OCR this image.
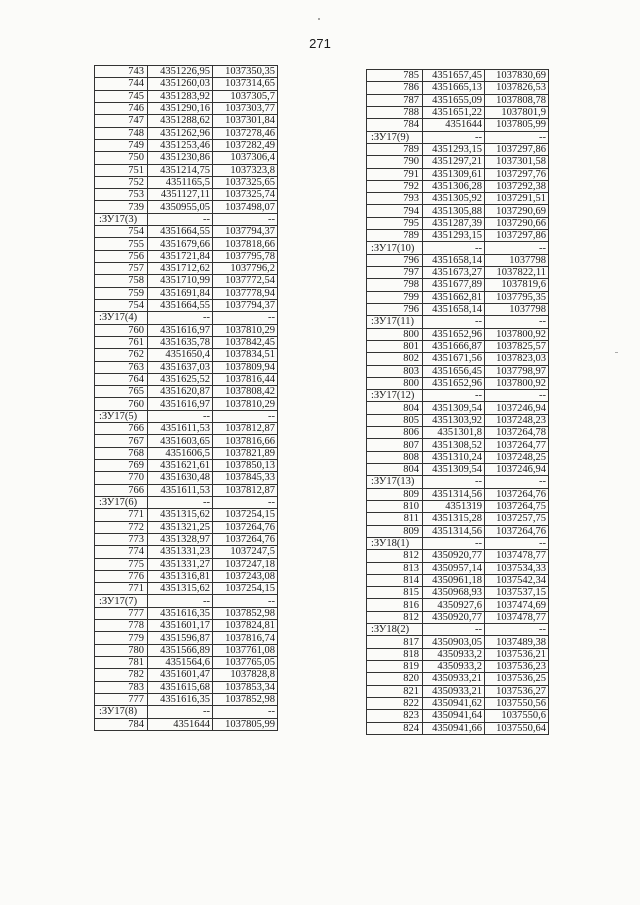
271
743	4351226,95	1037350,35
744	4351260,03	1037314,65
745	4351283,92	1037305,7
746	4351290,16	1037303,77
747	4351288,62	1037301,84
748	4351262,96	1037278,46
749	4351253,46	1037282,49
750	4351230,86	1037306,4
751	4351214,75	1037323,8
752	4351165,5	1037325,65
753	4351127,11	1037325,74
739	4350955,05	1037498,07
:ЗУ17(3)	--	--
754	4351664,55	1037794,37
755	4351679,66	1037818,66
756	4351721,84	1037795,78
757	4351712,62	1037796,2
758	4351710,99	1037772,54
759	4351691,84	1037778,94
754	4351664,55	1037794,37
:ЗУ17(4)	--	--
760	4351616,97	1037810,29
761	4351635,78	1037842,45
762	4351650,4	1037834,51
763	4351637,03	1037809,94
764	4351625,52	1037816,44
765	4351620,87	1037808,42
760	4351616,97	1037810,29
:ЗУ17(5)	--	--
766	4351611,53	1037812,87
767	4351603,65	1037816,66
768	4351606,5	1037821,89
769	4351621,61	1037850,13
770	4351630,48	1037845,33
766	4351611,53	1037812,87
:ЗУ17(6)	--	--
771	4351315,62	1037254,15
772	4351321,25	1037264,76
773	4351328,97	1037264,76
774	4351331,23	1037247,5
775	4351331,27	1037247,18
776	4351316,81	1037243,08
771	4351315,62	1037254,15
:ЗУ17(7)	--	--
777	4351616,35	1037852,98
778	4351601,17	1037824,81
779	4351596,87	1037816,74
780	4351566,89	1037761,08
781	4351564,6	1037765,05
782	4351601,47	1037828,8
783	4351615,68	1037853,34
777	4351616,35	1037852,98
:ЗУ17(8)	--	--
784	4351644	1037805,99
785	4351657,45	1037830,69
786	4351665,13	1037826,53
787	4351655,09	1037808,78
788	4351651,22	1037801,9
784	4351644	1037805,99
:ЗУ17(9)	--	--
789	4351293,15	1037297,86
790	4351297,21	1037301,58
791	4351309,61	1037297,76
792	4351306,28	1037292,38
793	4351305,92	1037291,51
794	4351305,88	1037290,69
795	4351287,39	1037290,66
789	4351293,15	1037297,86
:ЗУ17(10)	--	--
796	4351658,14	1037798
797	4351673,27	1037822,11
798	4351677,89	1037819,6
799	4351662,81	1037795,35
796	4351658,14	1037798
:ЗУ17(11)	--	--
800	4351652,96	1037800,92
801	4351666,87	1037825,57
802	4351671,56	1037823,03
803	4351656,45	1037798,97
800	4351652,96	1037800,92
:ЗУ17(12)	--	--
804	4351309,54	1037246,94
805	4351303,92	1037248,23
806	4351301,8	1037264,78
807	4351308,52	1037264,77
808	4351310,24	1037248,25
804	4351309,54	1037246,94
:ЗУ17(13)	--	--
809	4351314,56	1037264,76
810	4351319	1037264,75
811	4351315,28	1037257,75
809	4351314,56	1037264,76
:ЗУ18(1)	--	--
812	4350920,77	1037478,77
813	4350957,14	1037534,33
814	4350961,18	1037542,34
815	4350968,93	1037537,15
816	4350927,6	1037474,69
812	4350920,77	1037478,77
:ЗУ18(2)	--	--
817	4350903,05	1037489,38
818	4350933,2	1037536,21
819	4350933,2	1037536,23
820	4350933,21	1037536,25
821	4350933,21	1037536,27
822	4350941,62	1037550,56
823	4350941,64	1037550,6
824	4350941,66	1037550,64
